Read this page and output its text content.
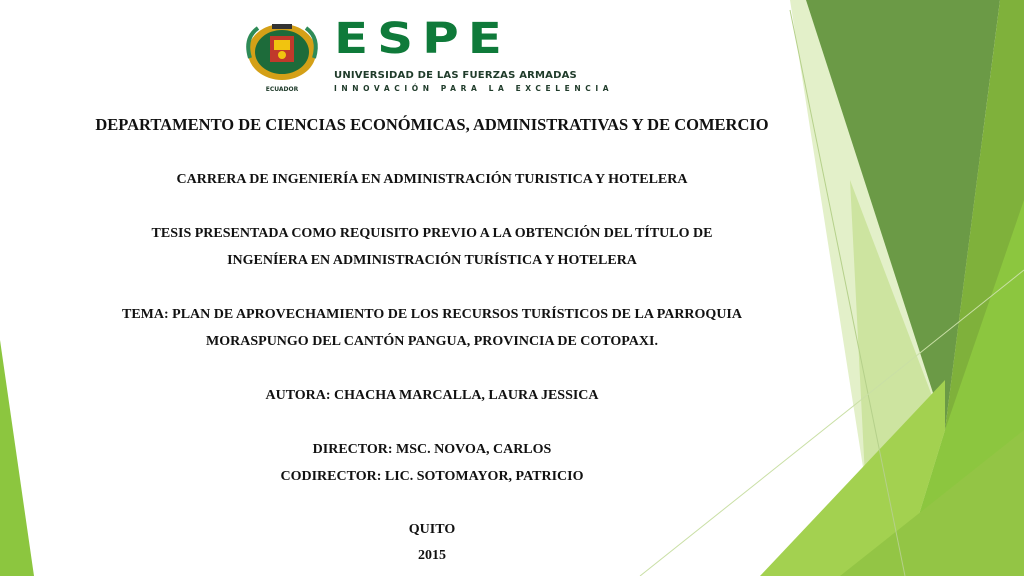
ECUADOR
ESPE
UNIVERSIDAD DE LAS FUERZAS ARMADAS
INNOVACIÓN PARA LA EXCELENCIA
DEPARTAMENTO DE CIENCIAS ECONÓMICAS, ADMINISTRATIVAS Y DE COMERCIO
CARRERA DE INGENIERÍA EN ADMINISTRACIÓN TURISTICA Y HOTELERA
TESIS PRESENTADA COMO REQUISITO PREVIO A LA OBTENCIÓN DEL TÍTULO DE
INGENÍERA EN ADMINISTRACIÓN TURÍSTICA Y HOTELERA
TEMA: PLAN DE APROVECHAMIENTO DE LOS RECURSOS TURÍSTICOS DE LA PARROQUIA
MORASPUNGO DEL CANTÓN PANGUA, PROVINCIA DE COTOPAXI.
AUTORA: CHACHA MARCALLA, LAURA JESSICA
DIRECTOR: MSC. NOVOA, CARLOS
CODIRECTOR: LIC. SOTOMAYOR, PATRICIO
QUITO
2015
